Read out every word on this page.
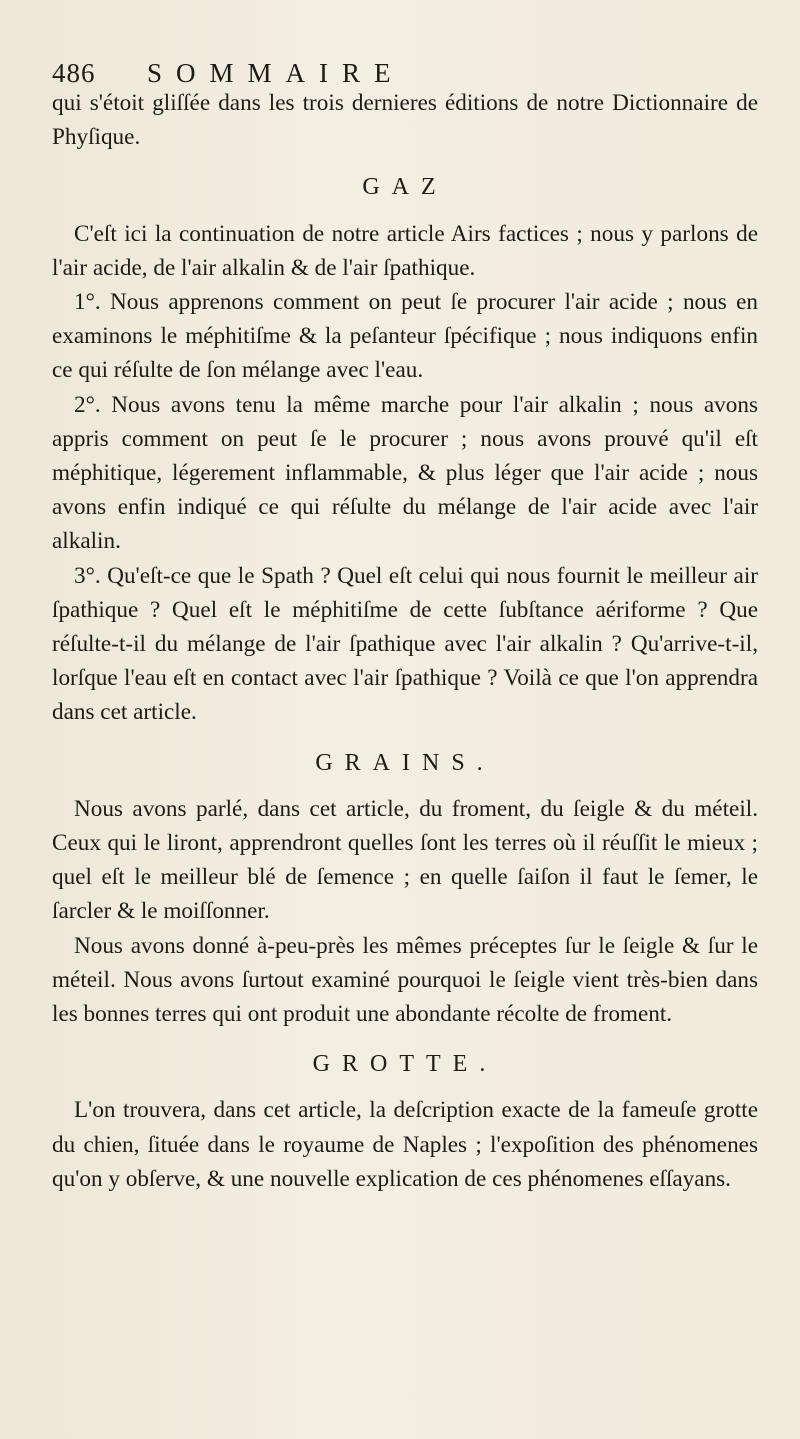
486 SOMMAIRE

qui s'étoit gliſſée dans les trois dernieres éditions de notre Dictionnaire de Phyſique.

GAZ

C'eſt ici la continuation de notre article Airs factices ; nous y parlons de l'air acide, de l'air alkalin & de l'air ſpathique.

1°. Nous apprenons comment on peut ſe procurer l'air acide ; nous en examinons le méphitiſme & la peſanteur ſpécifique ; nous indiquons enfin ce qui réſulte de ſon mélange avec l'eau.

2°. Nous avons tenu la même marche pour l'air alkalin ; nous avons appris comment on peut ſe le procurer ; nous avons prouvé qu'il eſt méphitique, légerement inflammable, & plus léger que l'air acide ; nous avons enfin indiqué ce qui réſulte du mélange de l'air acide avec l'air alkalin.

3°. Qu'eſt-ce que le Spath ? Quel eſt celui qui nous fournit le meilleur air ſpathique ? Quel eſt le méphitiſme de cette ſubſtance aériforme ? Que réſulte-t-il du mélange de l'air ſpathique avec l'air alkalin ? Qu'arrive-t-il, lorſque l'eau eſt en contact avec l'air ſpathique ? Voilà ce que l'on apprendra dans cet article.

GRAINS.

Nous avons parlé, dans cet article, du froment, du ſeigle & du méteil. Ceux qui le liront, apprendront quelles ſont les terres où il réuſſit le mieux ; quel eſt le meilleur blé de ſemence ; en quelle ſaiſon il faut le ſemer, le ſarcler & le moiſſonner.

Nous avons donné à-peu-près les mêmes préceptes ſur le ſeigle & ſur le méteil. Nous avons ſurtout examiné pourquoi le ſeigle vient très-bien dans les bonnes terres qui ont produit une abondante récolte de froment.

GROTTE.

L'on trouvera, dans cet article, la deſcription exacte de la fameuſe grotte du chien, ſituée dans le royaume de Naples ; l'expoſition des phénomenes qu'on y obſerve, & une nouvelle explication de ces phénomenes eſſayans.
